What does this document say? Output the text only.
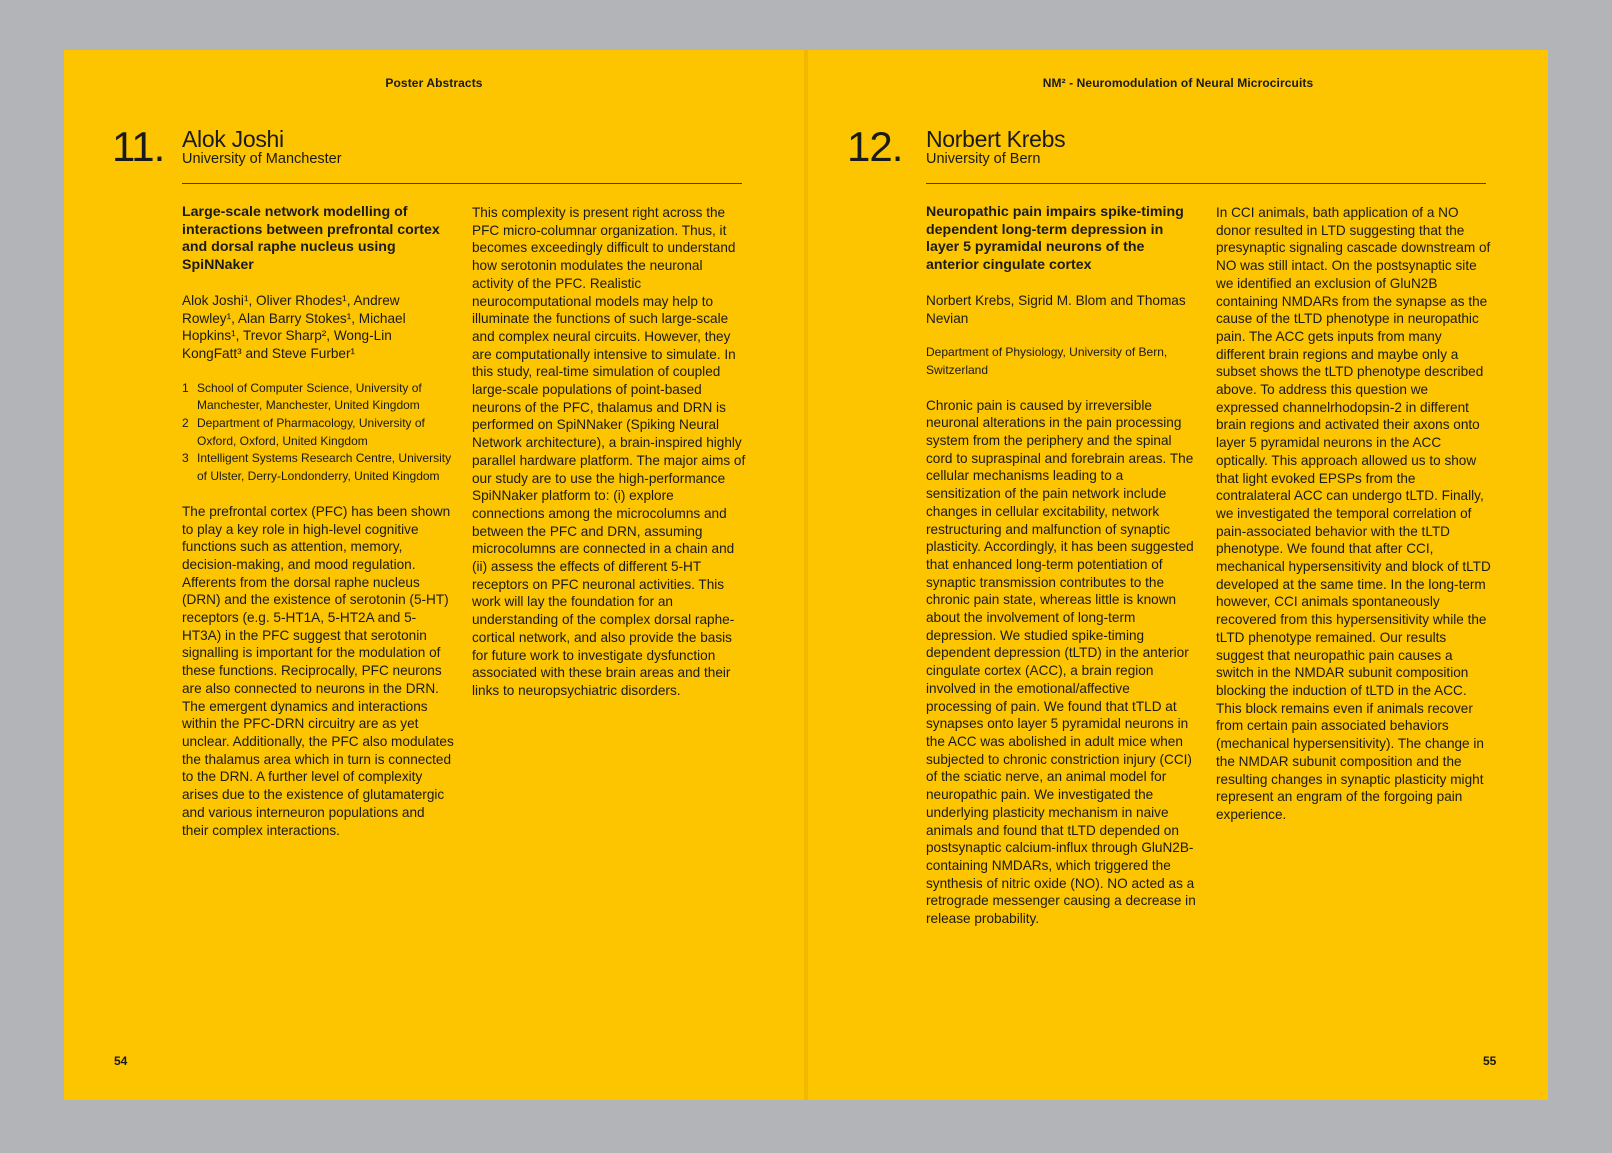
Poster Abstracts
11. Alok Joshi
University of Manchester

Large-scale network modelling of interactions between prefrontal cortex and dorsal raphe nucleus using SpiNNaker

Alok Joshi¹, Oliver Rhodes¹, Andrew Rowley¹, Alan Barry Stokes¹, Michael Hopkins¹, Trevor Sharp², Wong-Lin KongFatt³ and Steve Furber¹

1 School of Computer Science, University of Manchester, Manchester, United Kingdom
2 Department of Pharmacology, University of Oxford, Oxford, United Kingdom
3 Intelligent Systems Research Centre, University of Ulster, Derry-Londonderry, United Kingdom

The prefrontal cortex (PFC) has been shown to play a key role in high-level cognitive functions such as attention, memory, decision-making, and mood regulation. Afferents from the dorsal raphe nucleus (DRN) and the existence of serotonin (5-HT) receptors (e.g. 5-HT1A, 5-HT2A and 5-HT3A) in the PFC suggest that serotonin signalling is important for the modulation of these functions. Reciprocally, PFC neurons are also connected to neurons in the DRN. The emergent dynamics and interactions within the PFC-DRN circuitry are as yet unclear. Additionally, the PFC also modulates the thalamus area which in turn is connected to the DRN. A further level of complexity arises due to the existence of glutamatergic and various interneuron populations and their complex interactions.

This complexity is present right across the PFC micro-columnar organization. Thus, it becomes exceedingly difficult to understand how serotonin modulates the neuronal activity of the PFC. Realistic neurocomputational models may help to illuminate the functions of such large-scale and complex neural circuits. However, they are computationally intensive to simulate. In this study, real-time simulation of coupled large-scale populations of point-based neurons of the PFC, thalamus and DRN is performed on SpiNNaker (Spiking Neural Network architecture), a brain-inspired highly parallel hardware platform. The major aims of our study are to use the high-performance SpiNNaker platform to: (i) explore connections among the microcolumns and between the PFC and DRN, assuming microcolumns are connected in a chain and (ii) assess the effects of different 5-HT receptors on PFC neuronal activities. This work will lay the foundation for an understanding of the complex dorsal raphe- cortical network, and also provide the basis for future work to investigate dysfunction associated with these brain areas and their links to neuropsychiatric disorders.

NM² - Neuromodulation of Neural Microcircuits
12. Norbert Krebs
University of Bern

Neuropathic pain impairs spike-timing dependent long-term depression in layer 5 pyramidal neurons of the anterior cingulate cortex

Norbert Krebs, Sigrid M. Blom and Thomas Nevian

Department of Physiology, University of Bern, Switzerland

Chronic pain is caused by irreversible neuronal alterations in the pain processing system from the periphery and the spinal cord to supraspinal and forebrain areas. The cellular mechanisms leading to a sensitization of the pain network include changes in cellular excitability, network restructuring and malfunction of synaptic plasticity. Accordingly, it has been suggested that enhanced long-term potentiation of synaptic transmission contributes to the chronic pain state, whereas little is known about the involvement of long-term depression. We studied spike-timing dependent depression (tLTD) in the anterior cingulate cortex (ACC), a brain region involved in the emotional/affective processing of pain. We found that tTLD at synapses onto layer 5 pyramidal neurons in the ACC was abolished in adult mice when subjected to chronic constriction injury (CCI) of the sciatic nerve, an animal model for neuropathic pain. We investigated the underlying plasticity mechanism in naive animals and found that tLTD depended on postsynaptic calcium-influx through GluN2B-containing NMDARs, which triggered the synthesis of nitric oxide (NO). NO acted as a retrograde messenger causing a decrease in release probability.

In CCI animals, bath application of a NO donor resulted in LTD suggesting that the presynaptic signaling cascade downstream of NO was still intact. On the postsynaptic site we identified an exclusion of GluN2B containing NMDARs from the synapse as the cause of the tLTD phenotype in neuropathic pain. The ACC gets inputs from many different brain regions and maybe only a subset shows the tLTD phenotype described above. To address this question we expressed channelrhodopsin-2 in different brain regions and activated their axons onto layer 5 pyramidal neurons in the ACC optically. This approach allowed us to show that light evoked EPSPs from the contralateral ACC can undergo tLTD. Finally, we investigated the temporal correlation of pain-associated behavior with the tLTD phenotype. We found that after CCI, mechanical hypersensitivity and block of tLTD developed at the same time. In the long-term however, CCI animals spontaneously recovered from this hypersensitivity while the tLTD phenotype remained. Our results suggest that neuropathic pain causes a switch in the NMDAR subunit composition blocking the induction of tLTD in the ACC. This block remains even if animals recover from certain pain associated behaviors (mechanical hypersensitivity). The change in the NMDAR subunit composition and the resulting changes in synaptic plasticity might represent an engram of the forgoing pain experience.

54	55
